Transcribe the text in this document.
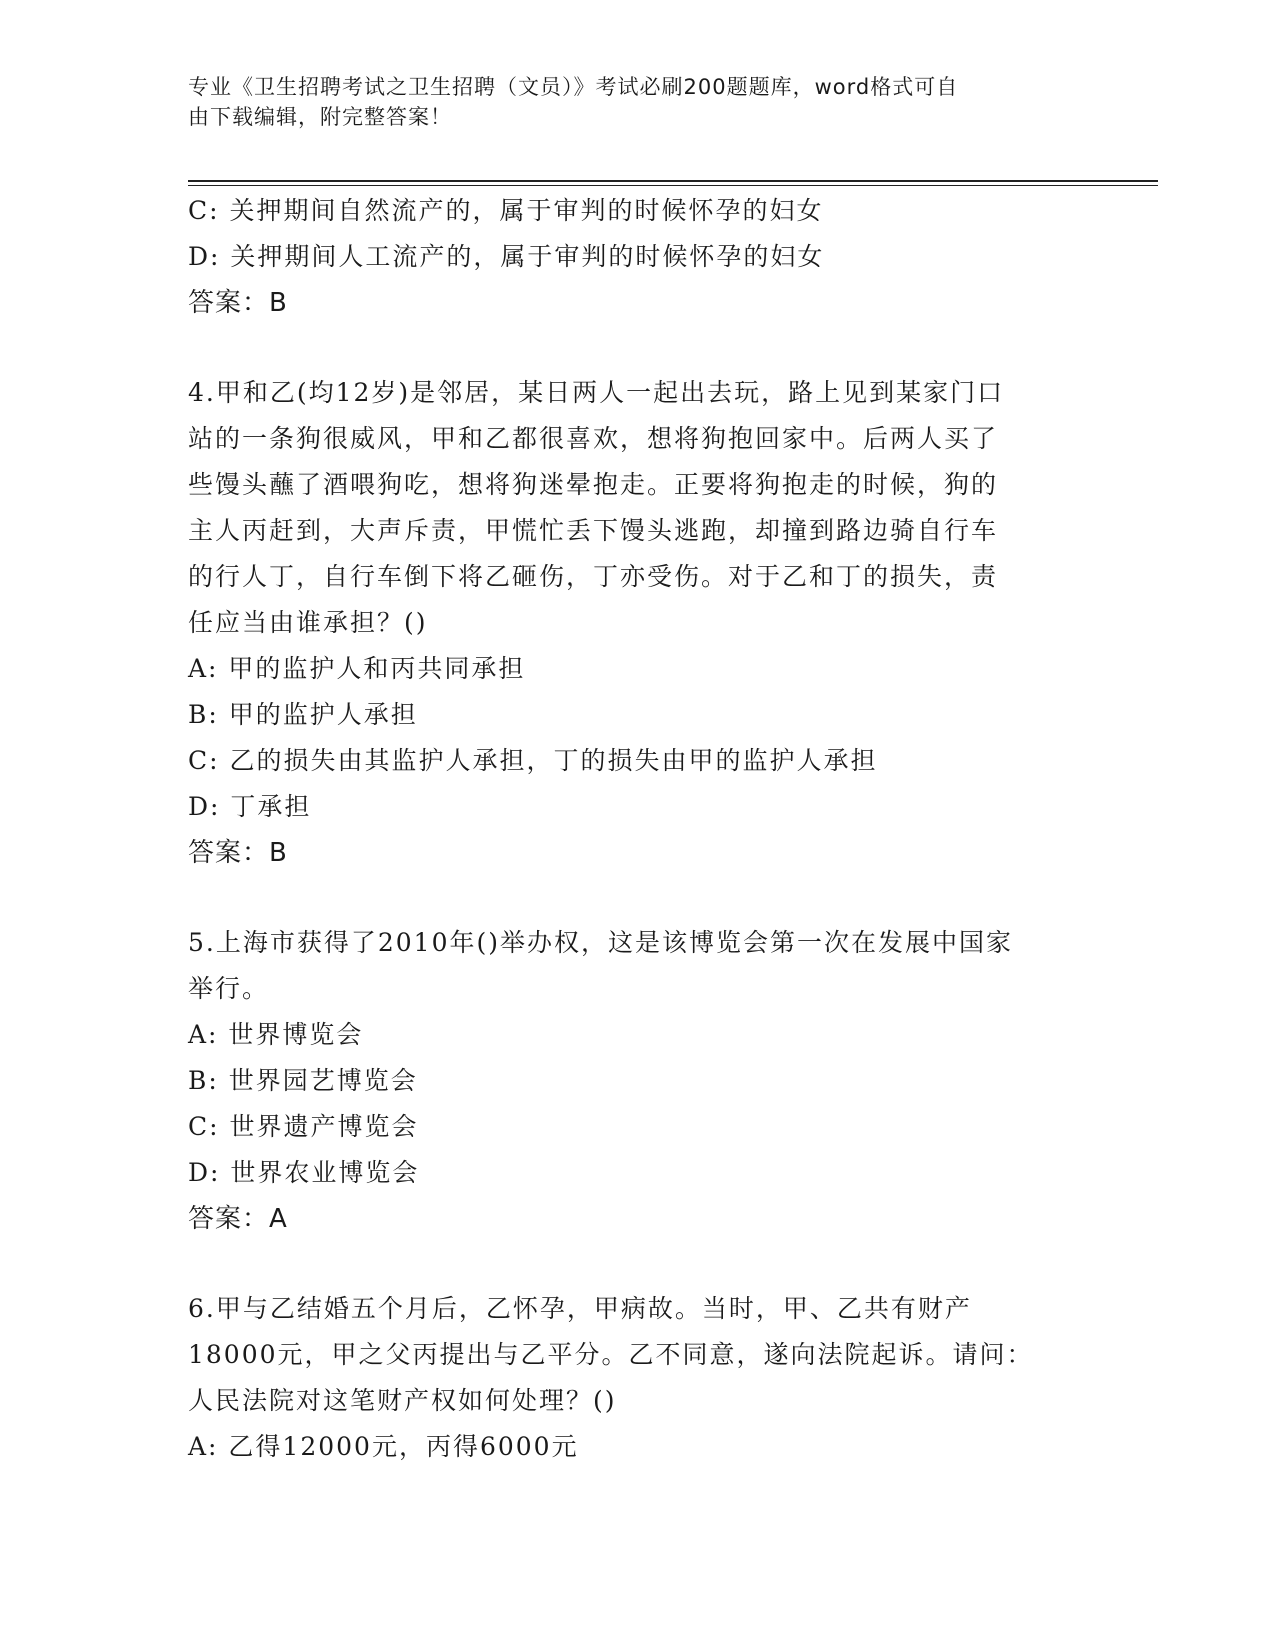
专业《卫生招聘考试之卫生招聘（文员）》考试必刷200题题库，word格式可自
由下载编辑，附完整答案！
C: 关押期间自然流产的，属于审判的时候怀孕的妇女
D: 关押期间人工流产的，属于审判的时候怀孕的妇女
答案：B
4.甲和乙(均12岁)是邻居，某日两人一起出去玩，路上见到某家门口
站的一条狗很威风，甲和乙都很喜欢，想将狗抱回家中。后两人买了
些馒头蘸了酒喂狗吃，想将狗迷晕抱走。正要将狗抱走的时候，狗的
主人丙赶到，大声斥责，甲慌忙丢下馒头逃跑，却撞到路边骑自行车
的行人丁，自行车倒下将乙砸伤，丁亦受伤。对于乙和丁的损失，责
任应当由谁承担？()
A: 甲的监护人和丙共同承担
B: 甲的监护人承担
C: 乙的损失由其监护人承担，丁的损失由甲的监护人承担
D: 丁承担
答案：B
5.上海市获得了2010年()举办权，这是该博览会第一次在发展中国家
举行。
A: 世界博览会
B: 世界园艺博览会
C: 世界遗产博览会
D: 世界农业博览会
答案：A
6.甲与乙结婚五个月后，乙怀孕，甲病故。当时，甲、乙共有财产
18000元，甲之父丙提出与乙平分。乙不同意，遂向法院起诉。请问：
人民法院对这笔财产权如何处理？()
A: 乙得12000元，丙得6000元
